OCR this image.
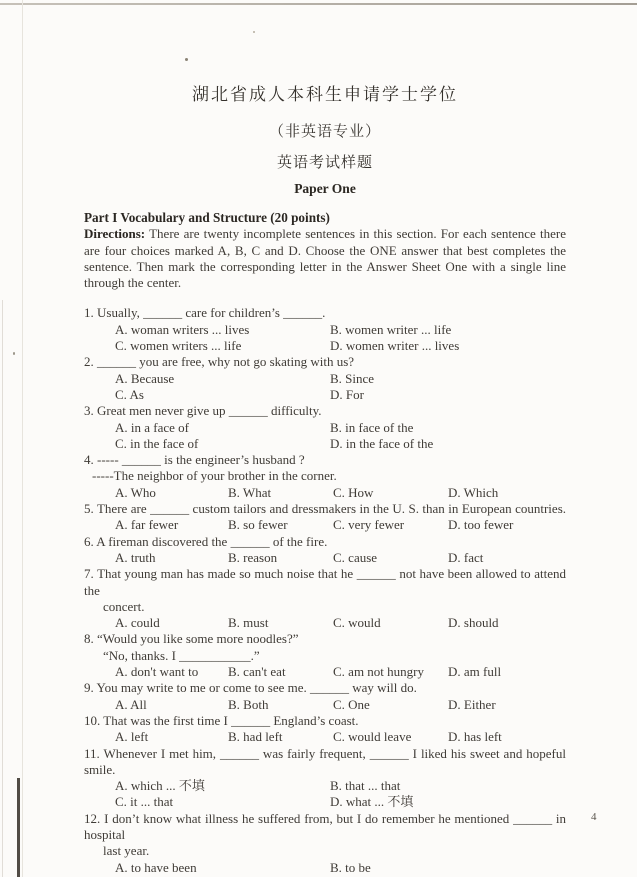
湖北省成人本科生申请学士学位
（非英语专业）
英语考试样题
Paper One
Part I Vocabulary and Structure (20 points)

Directions: There are twenty incomplete sentences in this section. For each sentence there are four choices marked A, B, C and D. Choose the ONE answer that best completes the sentence. Then mark the corresponding letter in the Answer Sheet One with a single line through the center.

1. Usually, ______ care for children’s ______.
A. woman writers ... lives	B. women writer ... life
C. women writers ... life	D. women writer ... lives
2. ______ you are free, why not go skating with us?
A. Because	B. Since
C. As	D. For
3. Great men never give up ______ difficulty.
A. in a face of	B. in face of the
C. in the face of	D. in the face of the
4. ----- ______ is the engineer’s husband ?
-----The neighbor of your brother in the corner.
A. Who	B. What	C. How	D. Which
5. There are ______ custom tailors and dressmakers in the U. S. than in European countries.
A. far fewer	B. so fewer	C. very fewer	D. too fewer
6. A fireman discovered the ______ of the fire.
A. truth	B. reason	C. cause	D. fact
7. That young man has made so much noise that he ______ not have been allowed to attend the
concert.
A. could	B. must	C. would	D. should
8. “Would you like some more noodles?”
“No, thanks. I ___________.”
A. don't want to	B. can't eat	C. am not hungry	D. am full
9. You may write to me or come to see me. ______ way will do.
A. All	B. Both	C. One	D. Either
10. That was the first time I ______ England’s coast.
A. left	B. had left	C. would leave	D. has left
11. Whenever I met him, ______ was fairly frequent, ______ I liked his sweet and hopeful smile.
A. which ... 不填	B. that ... that
C. it ... that	D. what ... 不填
12. I don’t know what illness he suffered from, but I do remember he mentioned ______ in hospital
last year.
A. to have been	B. to be
4
